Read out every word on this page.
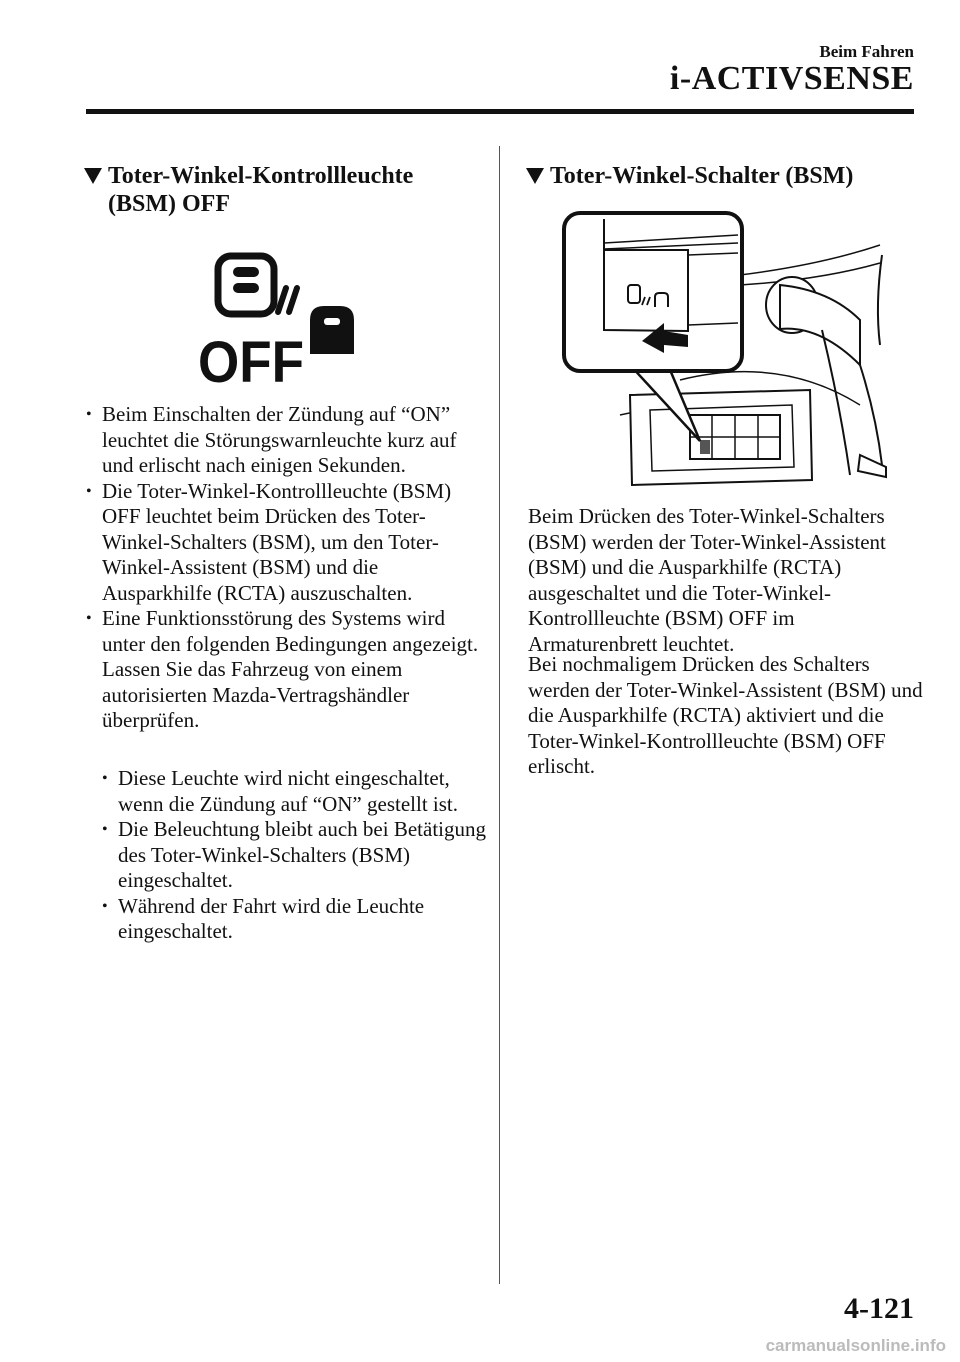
Beim Fahren
i-ACTIVSENSE
Toter-Winkel-Kontrollleuchte
(BSM) OFF
OFF
• Beim Einschalten der Zündung auf “ON” leuchtet die Störungswarnleuchte kurz auf und erlischt nach einigen Sekunden.
• Die Toter-Winkel-Kontrollleuchte (BSM) OFF leuchtet beim Drücken des Toter-Winkel-Schalters (BSM), um den Toter-Winkel-Assistent (BSM) und die Ausparkhilfe (RCTA) auszuschalten.
• Eine Funktionsstörung des Systems wird unter den folgenden Bedingungen angezeigt. Lassen Sie das Fahrzeug von einem autorisierten Mazda-Vertragshändler überprüfen.
• Diese Leuchte wird nicht eingeschaltet, wenn die Zündung auf “ON” gestellt ist.
• Die Beleuchtung bleibt auch bei Betätigung des Toter-Winkel-Schalters (BSM) eingeschaltet.
• Während der Fahrt wird die Leuchte eingeschaltet.
Toter-Winkel-Schalter (BSM)

Beim Drücken des Toter-Winkel-Schalters (BSM) werden der Toter-Winkel-Assistent (BSM) und die Ausparkhilfe (RCTA) ausgeschaltet und die Toter-Winkel-Kontrollleuchte (BSM) OFF im Armaturenbrett leuchtet.

Bei nochmaligem Drücken des Schalters werden der Toter-Winkel-Assistent (BSM) und die Ausparkhilfe (RCTA) aktiviert und die Toter-Winkel-Kontrollleuchte (BSM) OFF erlischt.

4-121
carmanualsonline.info
